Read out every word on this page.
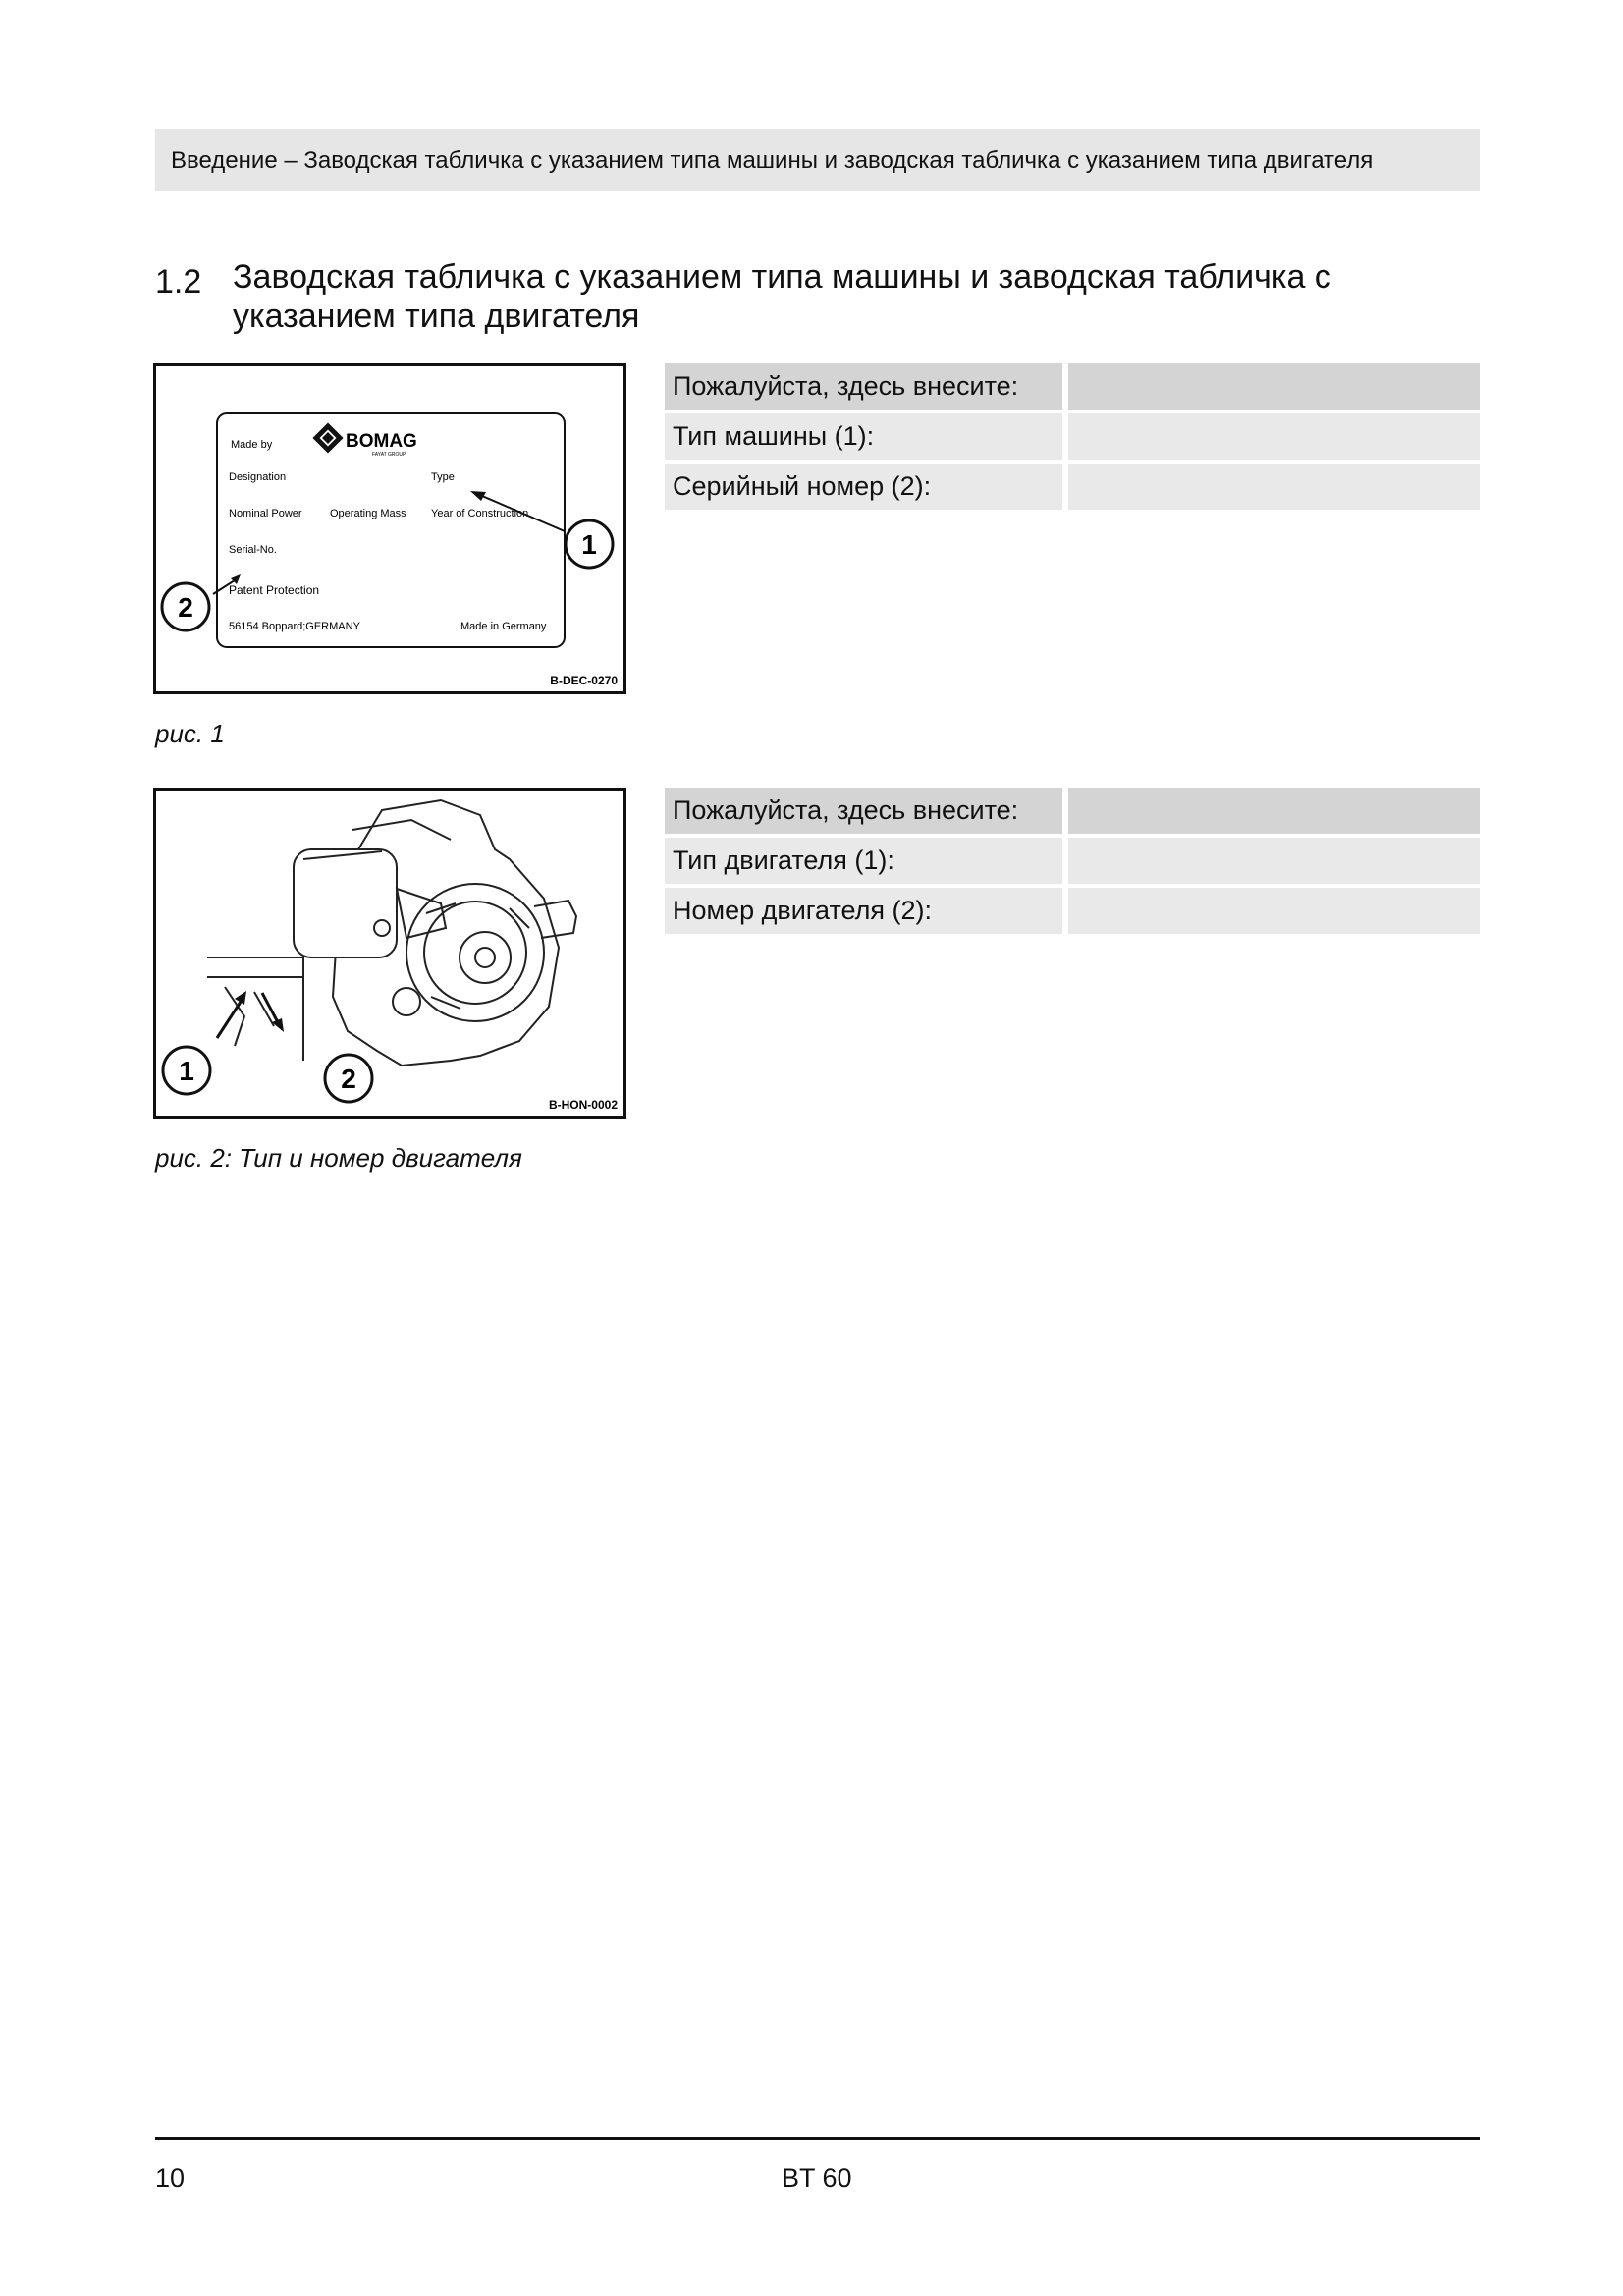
Введение – Заводская табличка с указанием типа машины и заводская табличка с указанием типа двигателя
1.2 Заводская табличка с указанием типа машины и заводская табличка с указанием типа двигателя
Made by	BOMAG
FAYAT GROUP
Designation	Type
Nominal Power	Operating Mass Year of Construction
Serial-No.
Patent Protection
56154 Boppard;GERMANY	Made in Germany
1
2
B-DEC-0270
рис. 1
Пожалуйста, здесь внесите:
Тип машины (1):
Серийный номер (2):
1	2
B-HON-0002
рис. 2: Тип и номер двигателя
Пожалуйста, здесь внесите:
Тип двигателя (1):
Номер двигателя (2):
10	BT 60
